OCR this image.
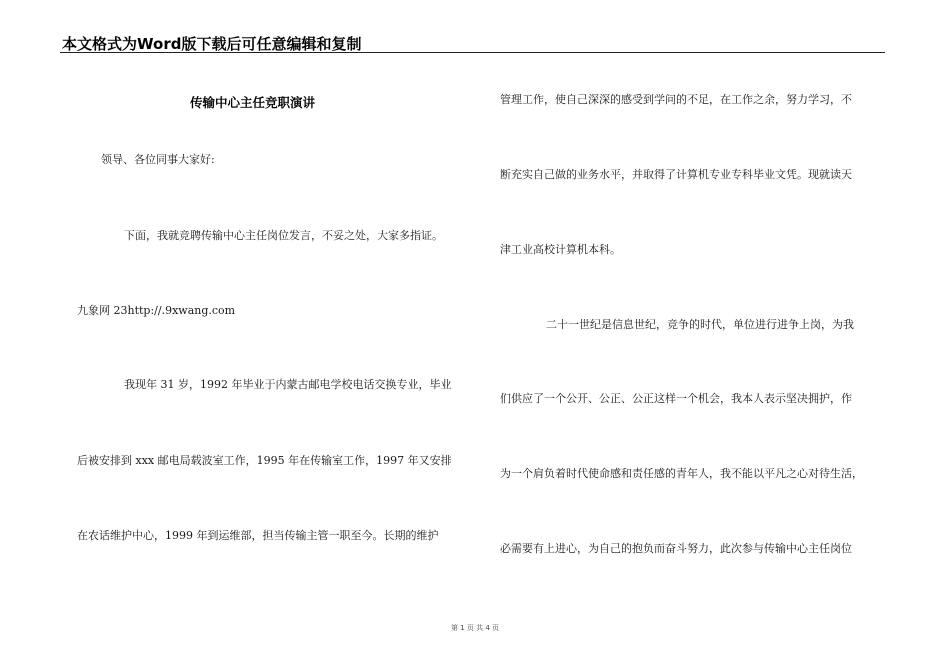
本文格式为Word版下载后可任意编辑和复制
传输中心主任竞职演讲
领导、各位同事大家好:
下面，我就竞聘传输中心主任岗位发言，不妥之处，大家多指证。
九象网 23http://.9xwang.com
我现年 31 岁，1992 年毕业于内蒙古邮电学校电话交换专业，毕业
后被安排到 xxx 邮电局载波室工作，1995 年在传输室工作，1997 年又安排
在农话维护中心，1999 年到运维部，担当传输主管一职至今。长期的维护
管理工作，使自己深深的感受到学问的不足，在工作之余，努力学习，不
断充实自己做的业务水平，并取得了计算机专业专科毕业文凭。现就读天
津工业高校计算机本科。
二十一世纪是信息世纪，竞争的时代，单位进行进争上岗，为我
们供应了一个公开、公正、公正这样一个机会，我本人表示坚决拥护，作
为一个肩负着时代使命感和责任感的青年人，我不能以平凡之心对待生活，
必需要有上进心，为自己的抱负而奋斗努力，此次参与传输中心主任岗位
第 1 页 共 4 页
